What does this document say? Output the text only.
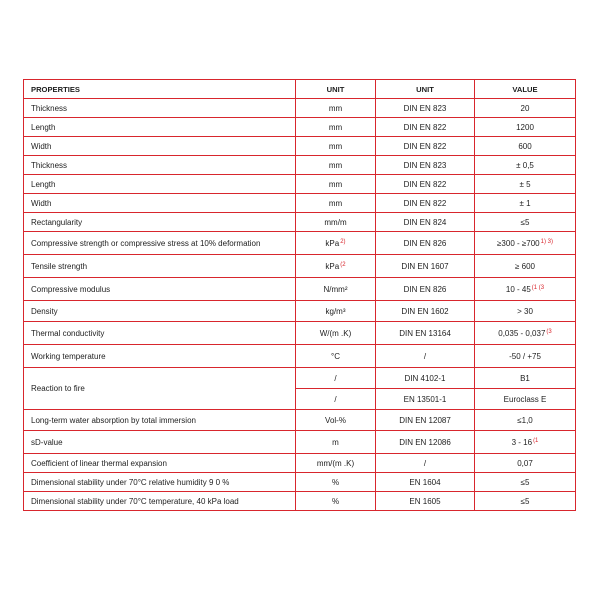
PROPERTIES	UNIT	UNIT	VALUE
Thickness	mm	DIN EN 823	20
Length	mm	DIN EN 822	1200
Width	mm	DIN EN 822	600
Thickness	mm	DIN EN 823	± 0,5
Length	mm	DIN EN 822	± 5
Width	mm	DIN EN 822	± 1
Rectangularity	mm/m	DIN EN 824	≤5
Compressive strength or compressive stress at 10% deformation	kPa$^{2)}$	DIN EN 826	≥300 - ≥700$^{1) 3)}$
Tensile strength	kPa$^{(2}$	DIN EN 1607	≥ 600
Compressive modulus	N/mm²	DIN EN 826	10 - 45$^{(1 (3}$
Density	kg/m³	DIN EN 1602	> 30
Thermal conductivity	W/(m .K)	DIN EN 13164	0,035 - 0,037$^{(3}$
Working temperature	°C	/	-50 / +75
Reaction to fire	/	DIN 4102-1	B1
	/	EN 13501-1	Euroclass E
Long-term water absorption by total immersion	Vol-%	DIN EN 12087	≤1,0
sD-value	m	DIN EN 12086	3 - 16$^{(1}$
Coefficient of linear thermal expansion	mm/(m .K)	/	0,07
Dimensional stability under 70°C relative humidity 9 0 %	%	EN 1604	≤5
Dimensional stability under 70°C temperature, 40 kPa load	%	EN 1605	≤5
